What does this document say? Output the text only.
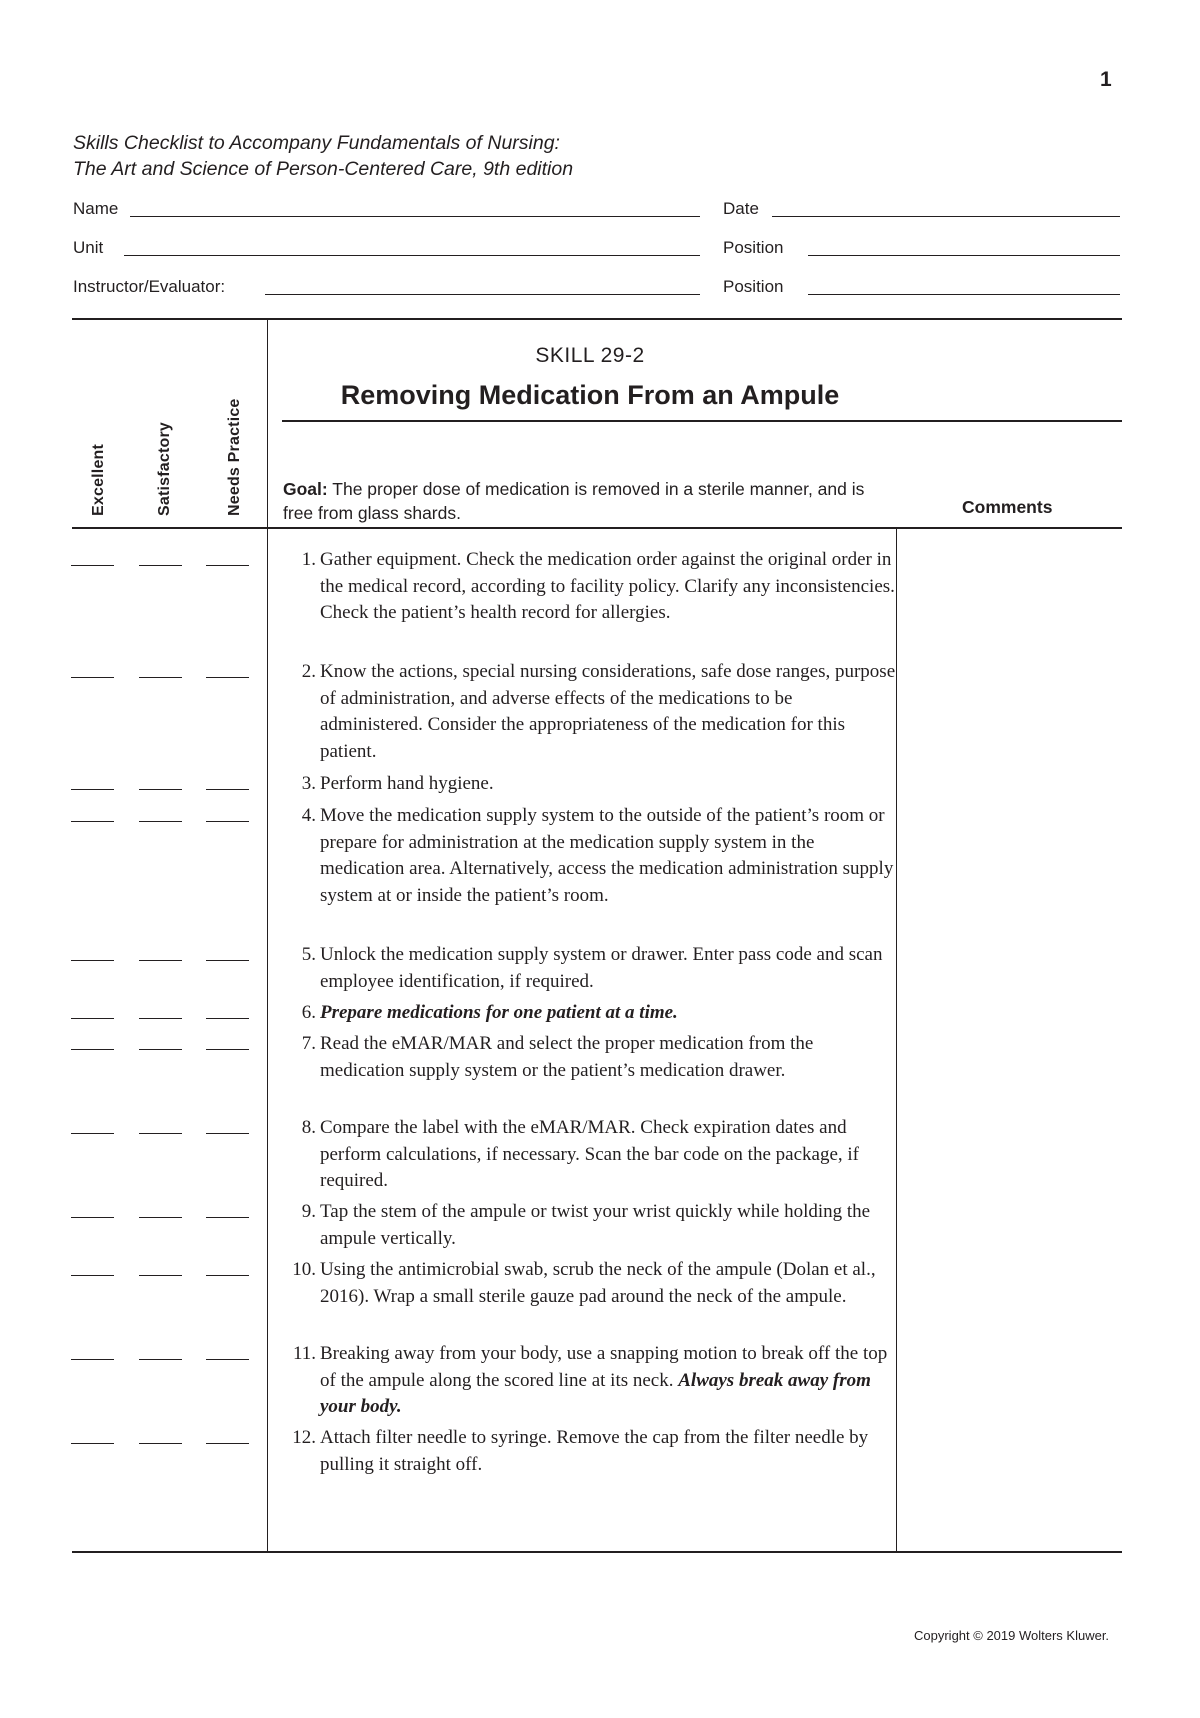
1
Skills Checklist to Accompany Fundamentals of Nursing:
The Art and Science of Person-Centered Care, 9th edition
Name	Date
Unit	Position
Instructor/Evaluator:	Position
Excellent	Satisfactory	Needs Practice
SKILL 29-2
Removing Medication From an Ampule
Goal: The proper dose of medication is removed in a sterile manner, and is free from glass shards.	Comments
1. Gather equipment. Check the medication order against the original order in the medical record, according to facility policy. Clarify any inconsistencies. Check the patient’s health record for allergies.
2. Know the actions, special nursing considerations, safe dose ranges, purpose of administration, and adverse effects of the medications to be administered. Consider the appropriateness of the medication for this patient.
3. Perform hand hygiene.
4. Move the medication supply system to the outside of the patient’s room or prepare for administration at the medication supply system in the medication area. Alternatively, access the medication administration supply system at or inside the patient’s room.
5. Unlock the medication supply system or drawer. Enter pass code and scan employee identification, if required.
6. Prepare medications for one patient at a time.
7. Read the eMAR/MAR and select the proper medication from the medication supply system or the patient’s medication drawer.
8. Compare the label with the eMAR/MAR. Check expiration dates and perform calculations, if necessary. Scan the bar code on the package, if required.
9. Tap the stem of the ampule or twist your wrist quickly while holding the ampule vertically.
10. Using the antimicrobial swab, scrub the neck of the ampule (Dolan et al., 2016). Wrap a small sterile gauze pad around the neck of the ampule.
11. Breaking away from your body, use a snapping motion to break off the top of the ampule along the scored line at its neck. Always break away from your body.
12. Attach filter needle to syringe. Remove the cap from the filter needle by pulling it straight off.
Copyright © 2019 Wolters Kluwer.
